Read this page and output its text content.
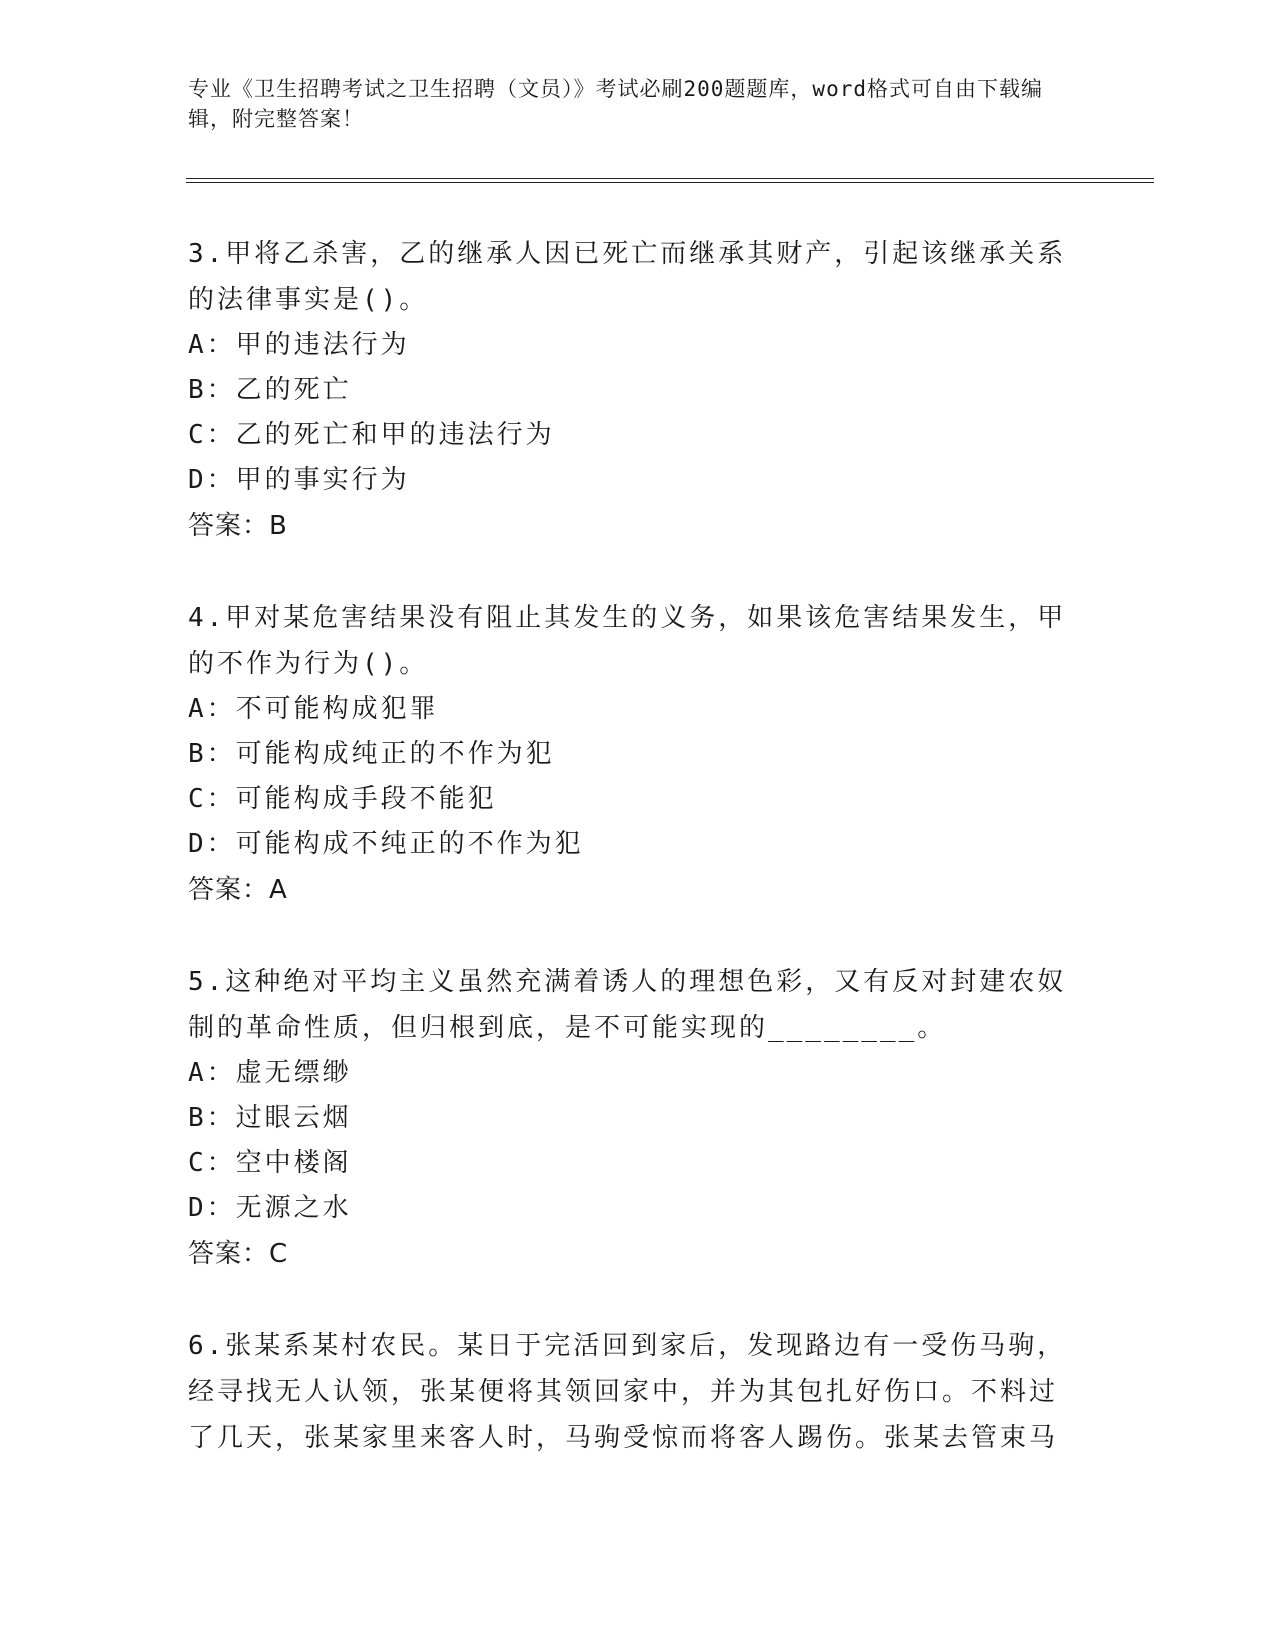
专业《卫生招聘考试之卫生招聘（文员）》考试必刷200题题库，word格式可自由下载编辑，附完整答案！

3.甲将乙杀害，乙的继承人因已死亡而继承其财产，引起该继承关系的法律事实是()。

A：甲的违法行为

B：乙的死亡

C：乙的死亡和甲的违法行为

D：甲的事实行为

答案：B

4.甲对某危害结果没有阻止其发生的义务，如果该危害结果发生，甲的不作为行为()。

A：不可能构成犯罪

B：可能构成纯正的不作为犯

C：可能构成手段不能犯

D：可能构成不纯正的不作为犯

答案：A

5.这种绝对平均主义虽然充满着诱人的理想色彩，又有反对封建农奴制的革命性质，但归根到底，是不可能实现的________。

A：虚无缥缈

B：过眼云烟

C：空中楼阁

D：无源之水

答案：C

6.张某系某村农民。某日于完活回到家后，发现路边有一受伤马驹，经寻找无人认领，张某便将其领回家中，并为其包扎好伤口。不料过了几天，张某家里来客人时，马驹受惊而将客人踢伤。张某去管束马
